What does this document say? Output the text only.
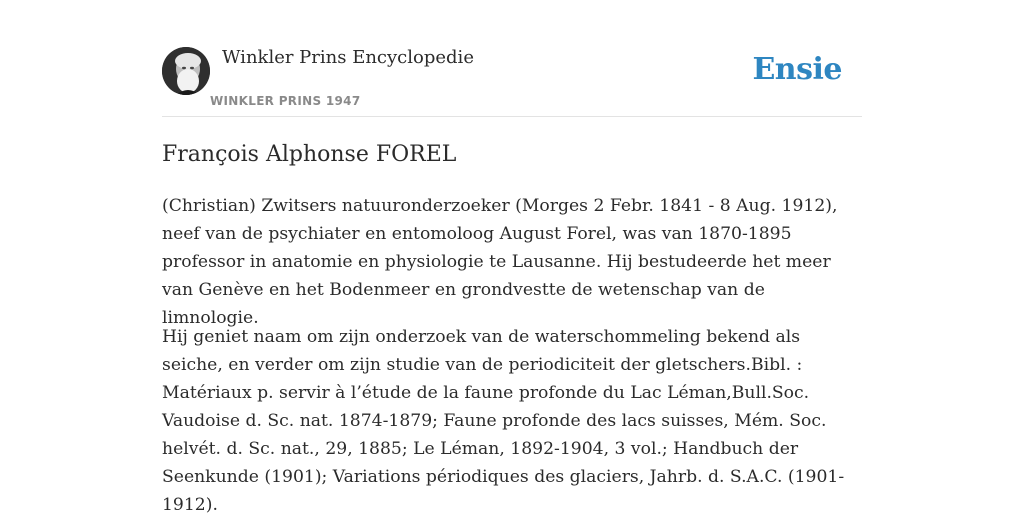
Winkler Prins Encyclopedie
WINKLER PRINS 1947
Ensie
François Alphonse FOREL

(Christian) Zwitsers natuuronderzoeker (Morges 2 Febr. 1841 - 8 Aug. 1912), neef van de psychiater en entomoloog August Forel, was van 1870-1895 professor in anatomie en physiologie te Lausanne. Hij bestudeerde het meer van Genève en het Bodenmeer en grondvestte de wetenschap van de limnologie.

Hij geniet naam om zijn onderzoek van de waterschommeling bekend als seiche, en verder om zijn studie van de periodiciteit der gletschers.Bibl. : Matériaux p. servir à l’étude de la faune profonde du Lac Léman,Bull.Soc. Vaudoise d. Sc. nat. 1874-1879; Faune profonde des lacs suisses, Mém. Soc. helvét. d. Sc. nat., 29, 1885; Le Léman, 1892-1904, 3 vol.; Handbuch der Seenkunde (1901); Variations périodiques des glaciers, Jahrb. d. S.A.C. (1901-1912).
